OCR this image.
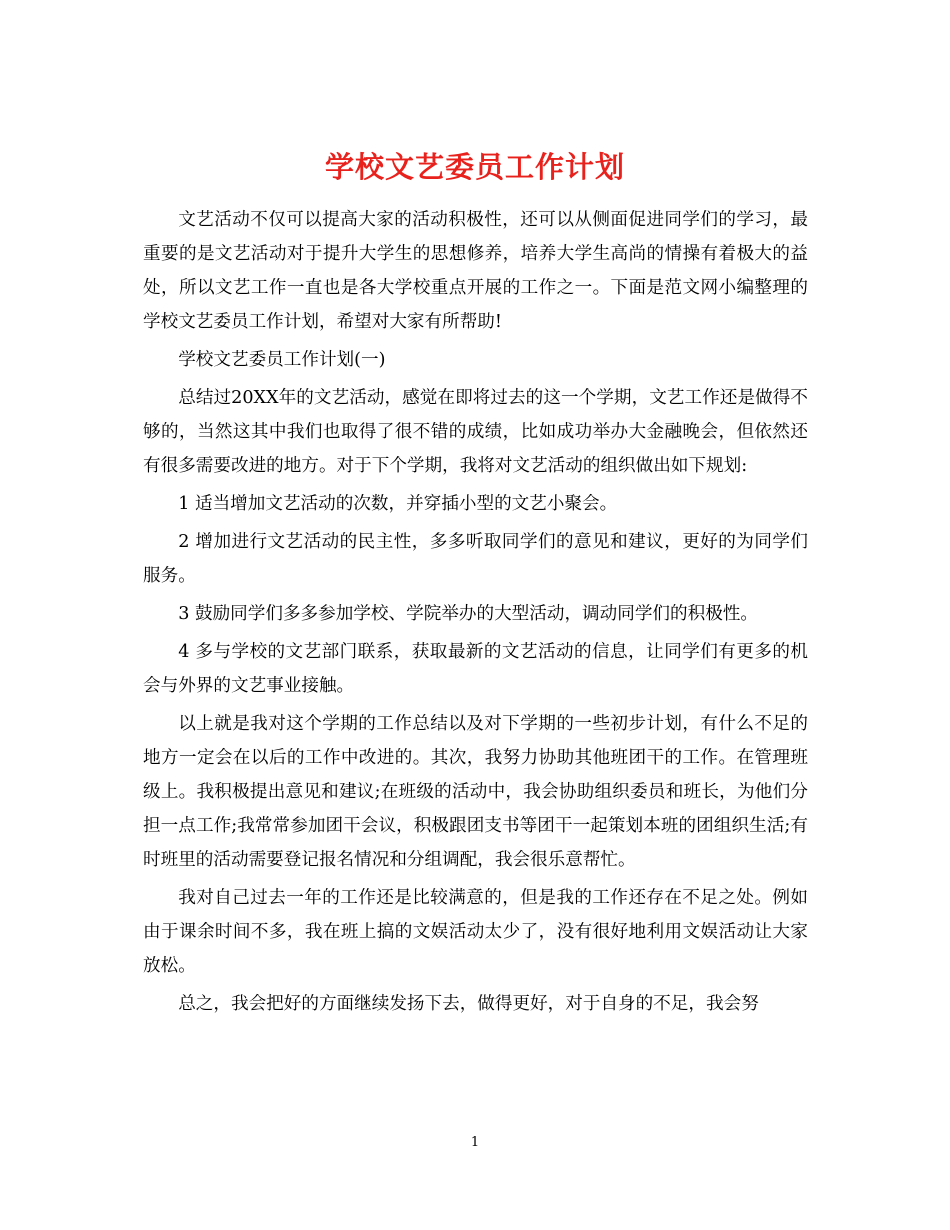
学校文艺委员工作计划

文艺活动不仅可以提高大家的活动积极性，还可以从侧面促进同学们的学习，最重要的是文艺活动对于提升大学生的思想修养，培养大学生高尚的情操有着极大的益处，所以文艺工作一直也是各大学校重点开展的工作之一。下面是范文网小编整理的学校文艺委员工作计划，希望对大家有所帮助!

学校文艺委员工作计划(一)

总结过20XX年的文艺活动，感觉在即将过去的这一个学期，文艺工作还是做得不够的，当然这其中我们也取得了很不错的成绩，比如成功举办大金融晚会，但依然还有很多需要改进的地方。对于下个学期，我将对文艺活动的组织做出如下规划:

1 适当增加文艺活动的次数，并穿插小型的文艺小聚会。

2 增加进行文艺活动的民主性，多多听取同学们的意见和建议，更好的为同学们服务。

3 鼓励同学们多多参加学校、学院举办的大型活动，调动同学们的积极性。

4 多与学校的文艺部门联系，获取最新的文艺活动的信息，让同学们有更多的机会与外界的文艺事业接触。

以上就是我对这个学期的工作总结以及对下学期的一些初步计划，有什么不足的地方一定会在以后的工作中改进的。其次，我努力协助其他班团干的工作。在管理班级上。我积极提出意见和建议;在班级的活动中，我会协助组织委员和班长，为他们分担一点工作;我常常参加团干会议，积极跟团支书等团干一起策划本班的团组织生活;有时班里的活动需要登记报名情况和分组调配，我会很乐意帮忙。

我对自己过去一年的工作还是比较满意的，但是我的工作还存在不足之处。例如由于课余时间不多，我在班上搞的文娱活动太少了，没有很好地利用文娱活动让大家放松。

总之，我会把好的方面继续发扬下去，做得更好，对于自身的不足，我会努

1
